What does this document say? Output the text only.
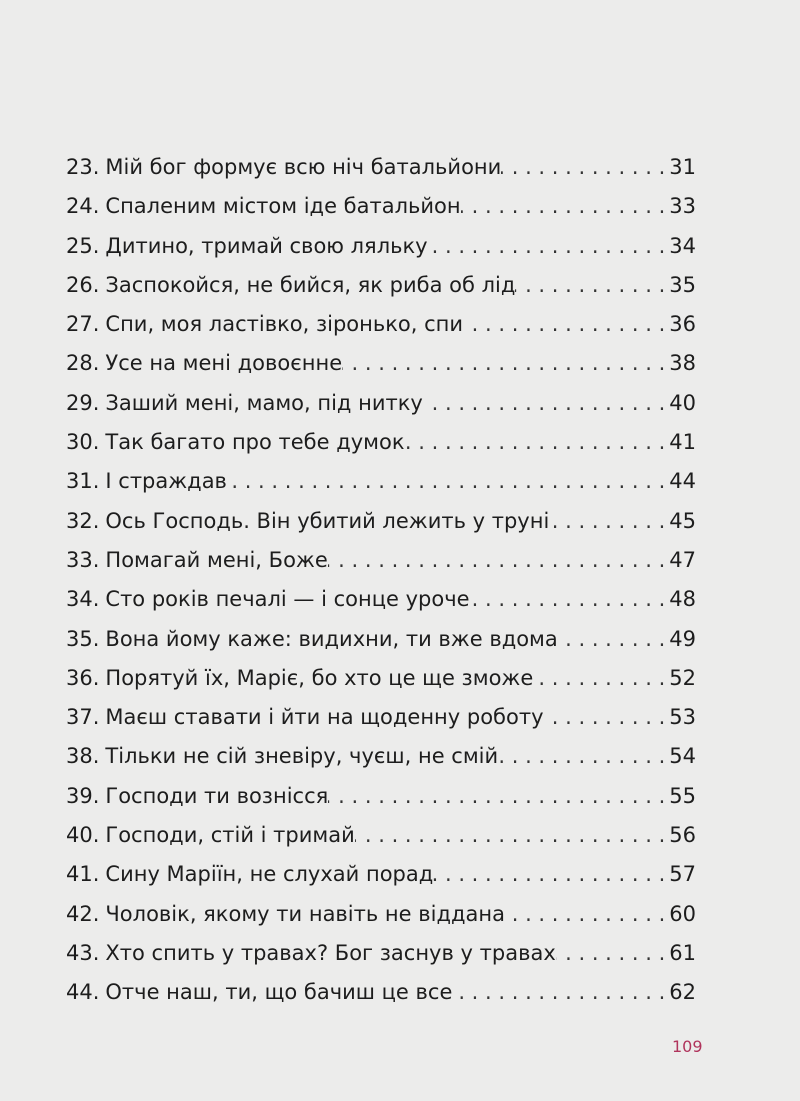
23. Мій бог формує всю ніч батальйони . . .	31
24. Спаленим містом іде батальйон . . .	33
25. Дитино, тримай свою ляльку . . .	34
26. Заспокойся, не бийся, як риба об лід . . .	35
27. Спи, моя ластівко, зіронько, спи . . .	36
28. Усе на мені довоєнне . . .	38
29. Заший мені, мамо, під нитку . . .	40
30. Так багато про тебе думок . . .	41
31. І страждав . . .	44
32. Ось Господь. Він убитий лежить у труні . . .	45
33. Помагай мені, Боже . . .	47
34. Сто років печалі — і сонце уроче . . .	48
35. Вона йому каже: видихни, ти вже вдома . . .	49
36. Порятуй їх, Маріє, бо хто це ще зможе . . .	52
37. Маєш ставати і йти на щоденну роботу . . .	53
38. Тільки не сій зневіру, чуєш, не смій . . .	54
39. Господи ти вознісся . . .	55
40. Господи, стій і тримай . . .	56
41. Сину Маріїн, не слухай порад . . .	57
42. Чоловік, якому ти навіть не віддана . . .	60
43. Хто спить у травах? Бог заснув у травах . . .	61
44. Отче наш, ти, що бачиш це все . . .	62
109
